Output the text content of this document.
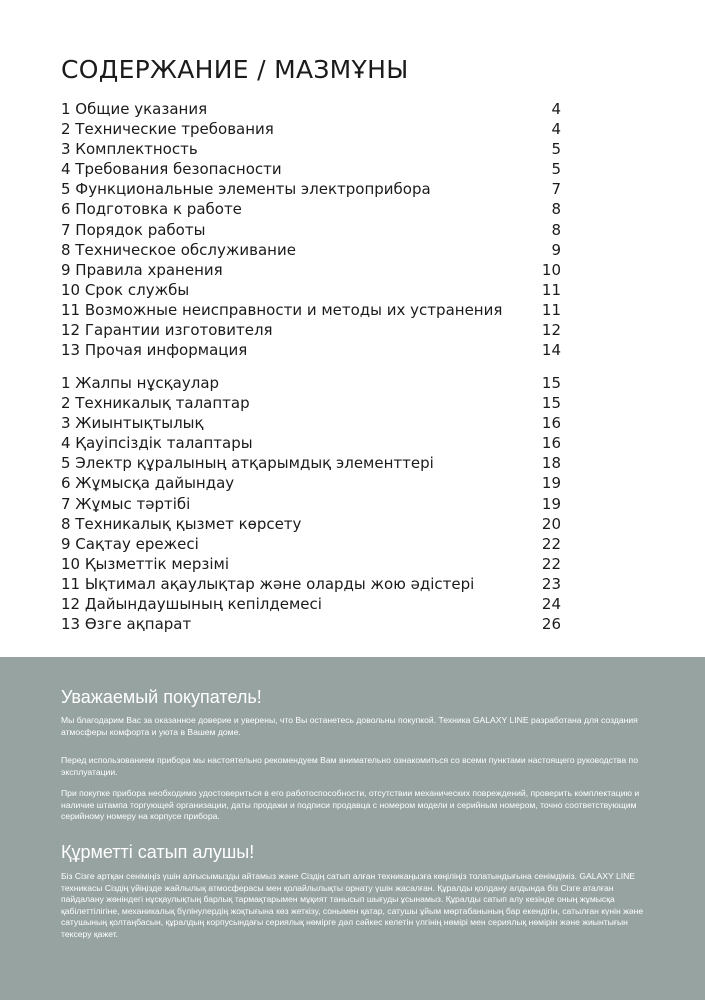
СОДЕРЖАНИЕ / МАЗМҰНЫ
1 Общие указания	4
2 Технические требования	4
3 Комплектность	5
4 Требования безопасности	5
5 Функциональные элементы электроприбора	7
6 Подготовка к работе	8
7 Порядок работы	8
8 Техническое обслуживание	9
9 Правила хранения	10
10 Срок службы	11
11 Возможные неисправности и методы их устранения	11
12 Гарантии изготовителя	12
13 Прочая информация	14
1 Жалпы нұсқаулар	15
2 Техникалық талаптар	15
3 Жиынтықтылық	16
4 Қауіпсіздік талаптары	16
5 Электр құралының атқарымдық элементтері	18
6 Жұмысқа дайындау	19
7 Жұмыс тәртібі	19
8 Техникалық қызмет көрсету	20
9 Сақтау ережесі	22
10 Қызметтік мерзімі	22
11 Ықтимал ақаулықтар және оларды жою әдістері	23
12 Дайындаушының кепілдемесі	24
13 Өзге ақпарат	26
Уважаемый покупатель!

Мы благодарим Вас за оказанное доверие и уверены, что Вы останетесь довольны покупкой. Техника GALAXY LINE разработана для создания атмосферы комфорта и уюта в Вашем доме.

Перед использованием прибора мы настоятельно рекомендуем Вам внимательно ознакомиться со всеми пунктами настоящего руководства по эксплуатации.

При покупке прибора необходимо удостовериться в его работоспособности, отсутствии механических повреждений, проверить комплектацию и наличие штампа торгующей организации, даты продажи и подписи продавца с номером модели и серийным номером, точно соответствующим серийному номеру на корпусе прибора.

Құрметті сатып алушы!

Біз Сізге артқан сеніміңіз үшін алғысымызды айтамыз және Сіздің сатып алған техникаңызға көңіліңіз толатындығына сенімдіміз. GALAXY LINE техникасы Сіздің үйіңізде жайлылық атмосферасы мен қолайлылықты орнату үшін жасалған. Құралды қолдану алдында біз Сізге аталған пайдалану жөніндегі нұсқаулықтың барлық тармақтарымен мұқият танысып шығуды ұсынамыз. Құралды сатып алу кезінде оның жұмысқа қабілеттілігіне, механикалық бүлінулердің жоқтығына көз жеткізу, сонымен қатар, сатушы ұйым мөртабанының бар екендігін, сатылған күнін және сатушының қолтаңбасын, құралдың корпусындағы сериялық нөмірге дәл сәйкес келетін үлгінің нөмірі мен сериялық нөмірін және жиынтығын тексеру қажет.
